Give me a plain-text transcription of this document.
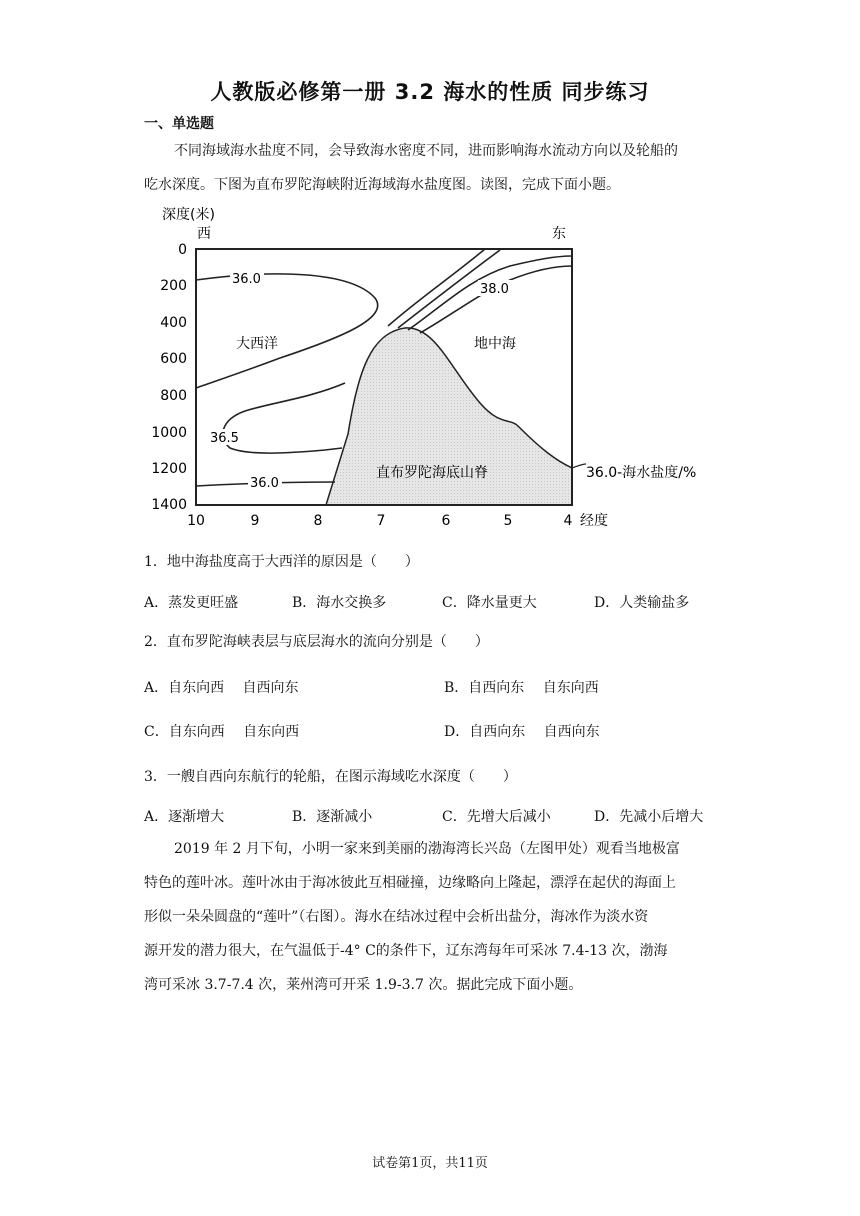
人教版必修第一册 3.2 海水的性质 同步练习
一、单选题
不同海域海水盐度不同，会导致海水密度不同，进而影响海水流动方向以及轮船的
吃水深度。下图为直布罗陀海峡附近海域海水盐度图。读图，完成下面小题。
深度(米)
西	东
36.0
38.0
36.5
36.0
大西洋	地中海
直布罗陀海底山脊	36.0-海水盐度/%
0
200
400
600
800
1000
1200
1400
10	9	8	7	6	5	4 经度
1．地中海盐度高于大西洋的原因是（　　）
A．蒸发更旺盛	B．海水交换多	C．降水量更大	D．人类输盐多
2．直布罗陀海峡表层与底层海水的流向分别是（　　）
A．自东向西　 自西向东	B．自西向东　 自东向西
C．自东向西　 自东向西	D．自西向东　 自西向东
3．一艘自西向东航行的轮船，在图示海域吃水深度（　　）
A．逐渐增大	B．逐渐减小	C．先增大后减小	D．先减小后增大
2019 年 2 月下旬，小明一家来到美丽的渤海湾长兴岛（左图甲处）观看当地极富
特色的莲叶冰。莲叶冰由于海冰彼此互相碰撞，边缘略向上隆起，漂浮在起伏的海面上
形似一朵朵圆盘的“莲叶”（右图）。海水在结冰过程中会析出盐分，海冰作为淡水资
源开发的潜力很大，在气温低于-4° C的条件下，辽东湾每年可采冰 7.4-13 次，渤海
湾可采冰 3.7-7.4 次，莱州湾可开采 1.9-3.7 次。据此完成下面小题。
试卷第1页，共11页
